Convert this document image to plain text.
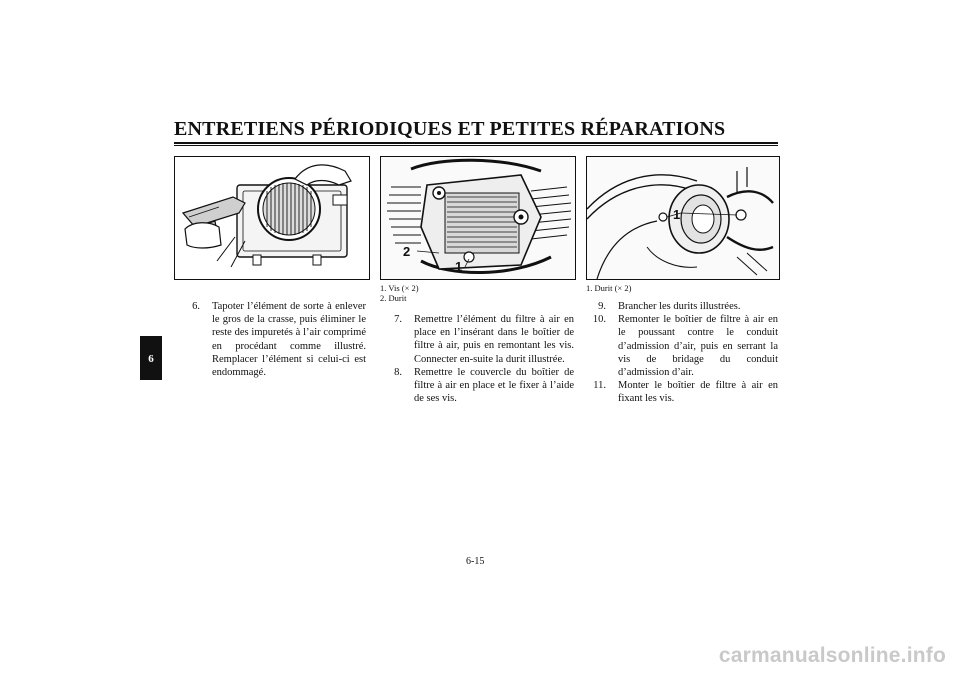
ENTRETIENS PÉRIODIQUES ET PETITES RÉPARATIONS
6
2
1
1
1. Vis (× 2)
2. Durit
1. Durit (× 2)
6.	Tapoter l’élément de sorte à enlever le gros de la crasse, puis éliminer le reste des impuretés à l’air comprimé en procédant comme illustré. Remplacer l’élément si celui-ci est endommagé.
7.	Remettre l’élément du filtre à air en place en l’insérant dans le boîtier de filtre à air, puis en remontant les vis. Connecter en-suite la durit illustrée.
8.	Remettre le couvercle du boîtier de filtre à air en place et le fixer à l’aide de ses vis.
9.	Brancher les durits illustrées.
10.	Remonter le boîtier de filtre à air en le poussant contre le conduit d’admission d’air, puis en serrant la vis de bridage du conduit d’admission d’air.
11.	Monter le boîtier de filtre à air en fixant les vis.
6-15
carmanualsonline.info
